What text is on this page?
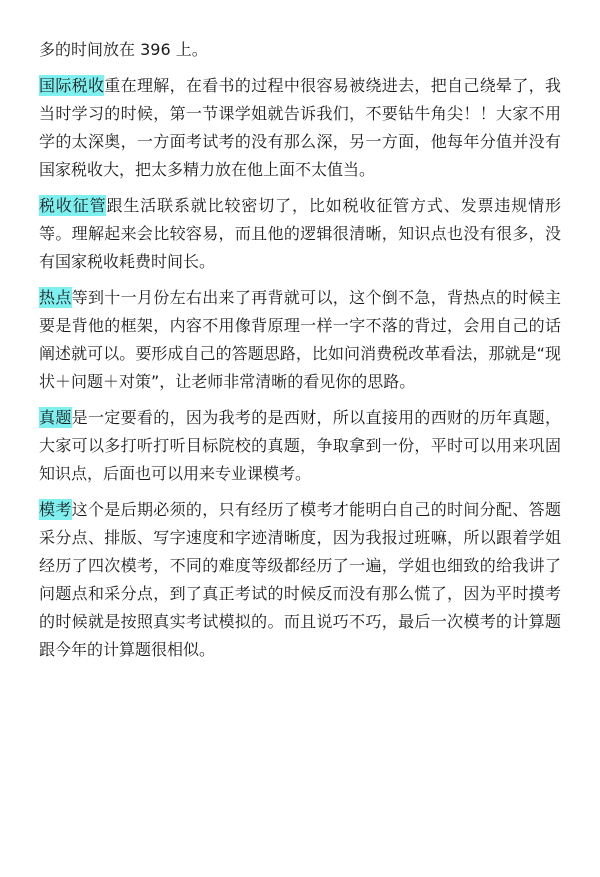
多的时间放在 396 上。

国际税收重在理解，在看书的过程中很容易被绕进去，把自己绕晕了，我当时学习的时候，第一节课学姐就告诉我们，不要钻牛角尖！！大家不用学的太深奥，一方面考试考的没有那么深，另一方面，他每年分值并没有国家税收大，把太多精力放在他上面不太值当。

税收征管跟生活联系就比较密切了，比如税收征管方式、发票违规情形等。理解起来会比较容易，而且他的逻辑很清晰，知识点也没有很多，没有国家税收耗费时间长。

热点等到十一月份左右出来了再背就可以，这个倒不急，背热点的时候主要是背他的框架，内容不用像背原理一样一字不落的背过，会用自己的话阐述就可以。要形成自己的答题思路，比如问消费税改革看法，那就是“现状＋问题＋对策”，让老师非常清晰的看见你的思路。

真题是一定要看的，因为我考的是西财，所以直接用的西财的历年真题，大家可以多打听打听目标院校的真题，争取拿到一份，平时可以用来巩固知识点，后面也可以用来专业课模考。

模考这个是后期必须的，只有经历了模考才能明白自己的时间分配、答题采分点、排版、写字速度和字迹清晰度，因为我报过班嘛，所以跟着学姐经历了四次模考，不同的难度等级都经历了一遍，学姐也细致的给我讲了问题点和采分点，到了真正考试的时候反而没有那么慌了，因为平时摸考的时候就是按照真实考试模拟的。而且说巧不巧，最后一次模考的计算题跟今年的计算题很相似。
